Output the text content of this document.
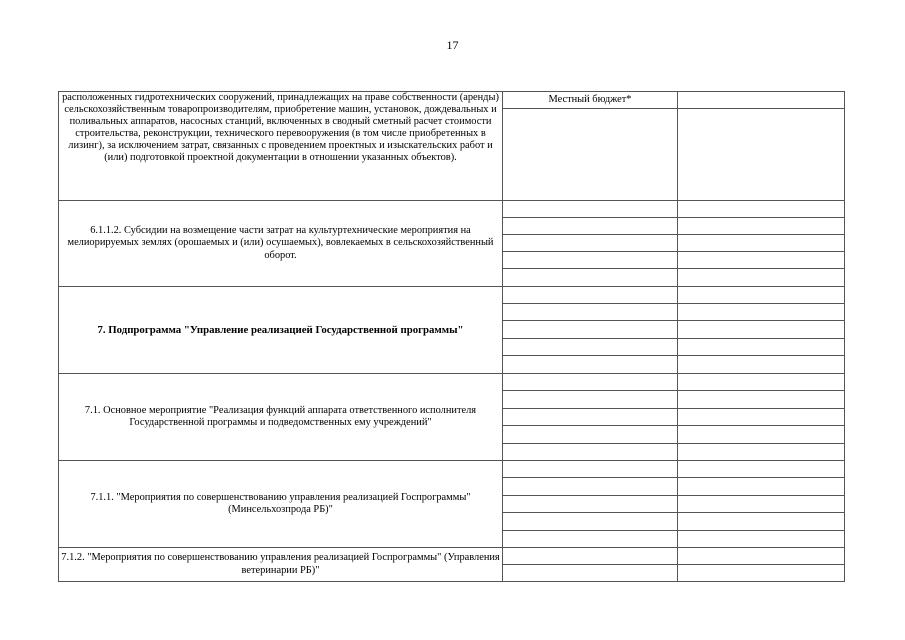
17
расположенных гидротехнических сооружений, принадлежащих на праве собственности (аренды) сельскохозяйственным товаропроизводителям, приобретение машин, установок, дождевальных и поливальных аппаратов, насосных станций, включенных в сводный сметный расчет стоимости строительства, реконструкции, технического перевооружения (в том числе приобретенных в лизинг), за исключением затрат, связанных с проведением проектных и изыскательских работ и (или) подготовкой проектной документации в отношении указанных объектов).	Местный бюджет*	

6.1.1.2. Субсидии на возмещение части затрат на культуртехнические мероприятия на мелиорируемых землях (орошаемых и (или) осушаемых), вовлекаемых в сельскохозяйственный оборот.		

7. Подпрограмма "Управление реализацией Государственной программы"		

7.1. Основное мероприятие "Реализация функций аппарата ответственного исполнителя Государственной программы и подведомственных ему учреждений"		

7.1.1. "Мероприятия по совершенствованию управления реализацией Госпрограммы" (Минсельхозпрода РБ)"		

7.1.2. "Мероприятия по совершенствованию управления реализацией Госпрограммы" (Управления ветеринарии РБ)"		
